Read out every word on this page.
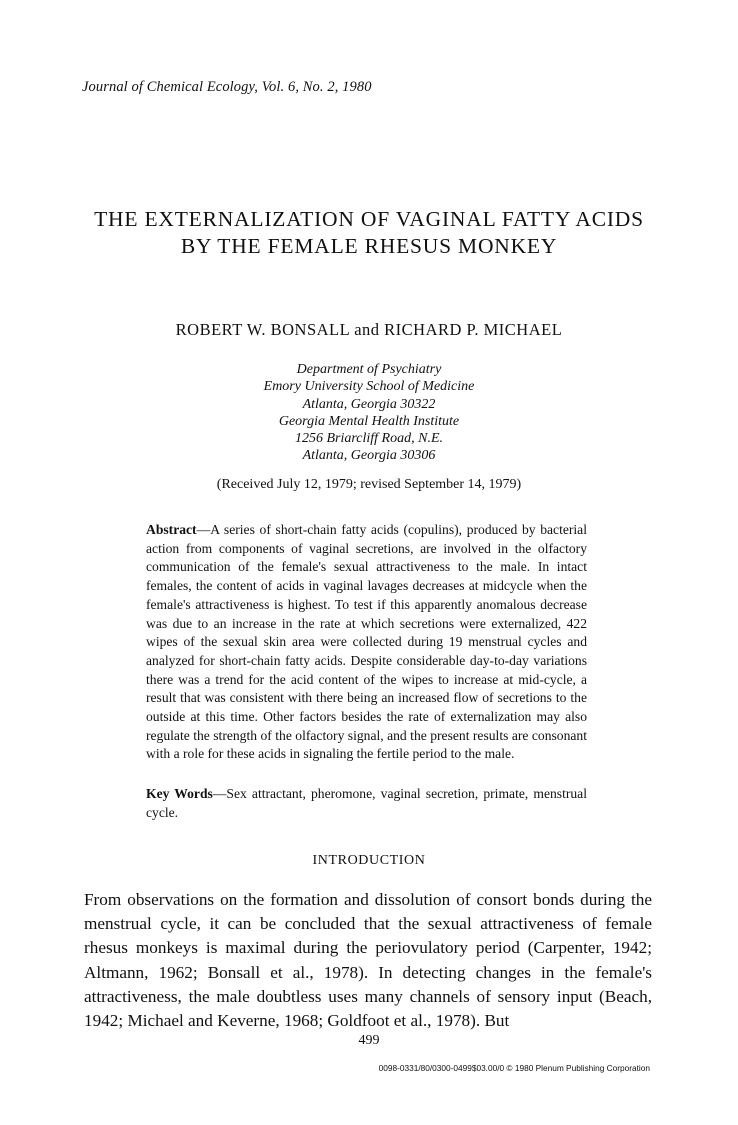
Journal of Chemical Ecology, Vol. 6, No. 2, 1980
THE EXTERNALIZATION OF VAGINAL FATTY ACIDS
BY THE FEMALE RHESUS MONKEY
ROBERT W. BONSALL and RICHARD P. MICHAEL
Department of Psychiatry
Emory University School of Medicine
Atlanta, Georgia 30322
Georgia Mental Health Institute
1256 Briarcliff Road, N.E.
Atlanta, Georgia 30306
(Received July 12, 1979; revised September 14, 1979)
Abstract—A series of short-chain fatty acids (copulins), produced by bacterial action from components of vaginal secretions, are involved in the olfactory communication of the female's sexual attractiveness to the male. In intact females, the content of acids in vaginal lavages decreases at midcycle when the female's attractiveness is highest. To test if this apparently anomalous decrease was due to an increase in the rate at which secretions were externalized, 422 wipes of the sexual skin area were collected during 19 menstrual cycles and analyzed for short-chain fatty acids. Despite considerable day-to-day variations there was a trend for the acid content of the wipes to increase at mid-cycle, a result that was consistent with there being an increased flow of secretions to the outside at this time. Other factors besides the rate of externalization may also regulate the strength of the olfactory signal, and the present results are consonant with a role for these acids in signaling the fertile period to the male.
Key Words—Sex attractant, pheromone, vaginal secretion, primate, menstrual cycle.
INTRODUCTION
From observations on the formation and dissolution of consort bonds during the menstrual cycle, it can be concluded that the sexual attractiveness of female rhesus monkeys is maximal during the periovulatory period (Carpenter, 1942; Altmann, 1962; Bonsall et al., 1978). In detecting changes in the female's attractiveness, the male doubtless uses many channels of sensory input (Beach, 1942; Michael and Keverne, 1968; Goldfoot et al., 1978). But
499
0098-0331/80/0300-0499$03.00/0 © 1980 Plenum Publishing Corporation
